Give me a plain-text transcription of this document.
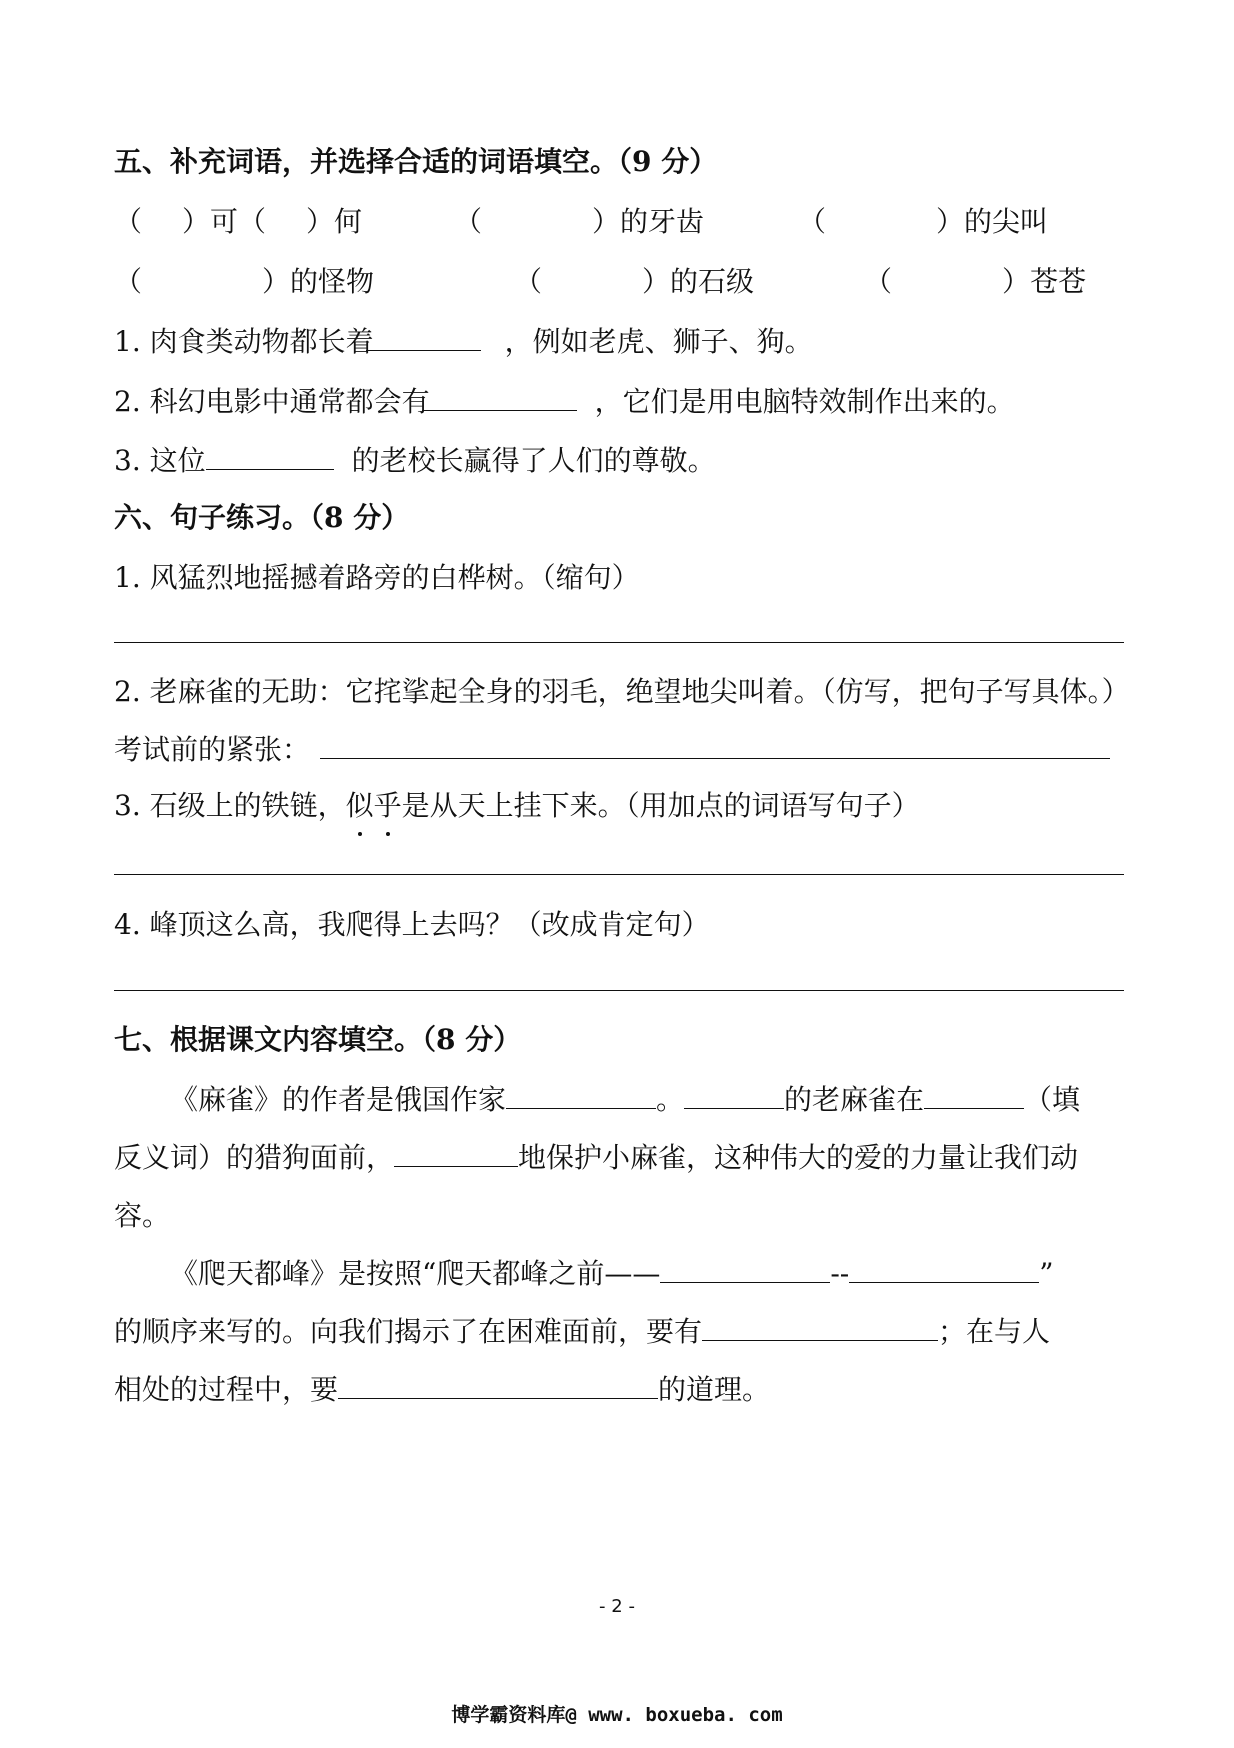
五、补充词语，并选择合适的词语填空。（9 分）
（ ）可（ ）何	（	）的牙齿	（	）的尖叫
（	）的怪物	（	）的石级	（	）苍苍
1. 肉食类动物都长着	，例如老虎、狮子、狗。
2. 科幻电影中通常都会有	，它们是用电脑特效制作出来的。
3. 这位	的老校长赢得了人们的尊敬。
六、句子练习。（8 分）
1. 风猛烈地摇撼着路旁的白桦树。（缩句）
2. 老麻雀的无助：它挓挲起全身的羽毛，绝望地尖叫着。（仿写，把句子写具体。）
考试前的紧张：
3. 石级上的铁链，似乎是从天上挂下来。（用加点的词语写句子）
4. 峰顶这么高，我爬得上去吗？（改成肯定句）
七、根据课文内容填空。（8 分）
《麻雀》的作者是俄国作家	。	的老麻雀在	（填
反义词）的猎狗面前，	地保护小麻雀，这种伟大的爱的力量让我们动
容。
《爬天都峰》是按照“爬天都峰之前——	--	”
的顺序来写的。向我们揭示了在困难面前，要有	；在与人
相处的过程中，要	的道理。
- 2 -
博学霸资料库@ www. boxueba. com
